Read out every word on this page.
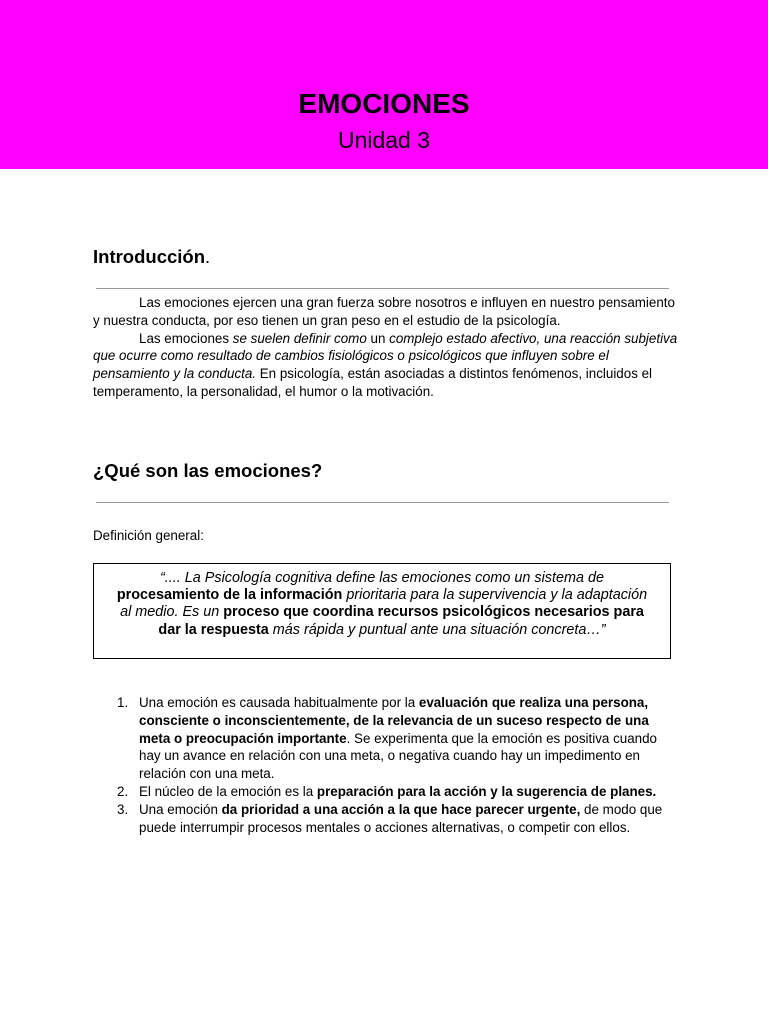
EMOCIONES
Unidad 3
Introducción.

Las emociones ejercen una gran fuerza sobre nosotros e influyen en nuestro pensamiento y nuestra conducta, por eso tienen un gran peso en el estudio de la psicología.

Las emociones se suelen definir como un complejo estado afectivo, una reacción subjetiva que ocurre como resultado de cambios fisiológicos o psicológicos que influyen sobre el pensamiento y la conducta. En psicología, están asociadas a distintos fenómenos, incluidos el temperamento, la personalidad, el humor o la motivación.

¿Qué son las emociones?
Definición general:
“.... La Psicología cognitiva define las emociones como un sistema de procesamiento de la información prioritaria para la supervivencia y la adaptación al medio. Es un proceso que coordina recursos psicológicos necesarios para dar la respuesta más rápida y puntual ante una situación concreta…”
1. Una emoción es causada habitualmente por la evaluación que realiza una persona, consciente o inconscientemente, de la relevancia de un suceso respecto de una meta o preocupación importante. Se experimenta que la emoción es positiva cuando hay un avance en relación con una meta, o negativa cuando hay un impedimento en relación con una meta.
2. El núcleo de la emoción es la preparación para la acción y la sugerencia de planes.
3. Una emoción da prioridad a una acción a la que hace parecer urgente, de modo que puede interrumpir procesos mentales o acciones alternativas, o competir con ellos.
